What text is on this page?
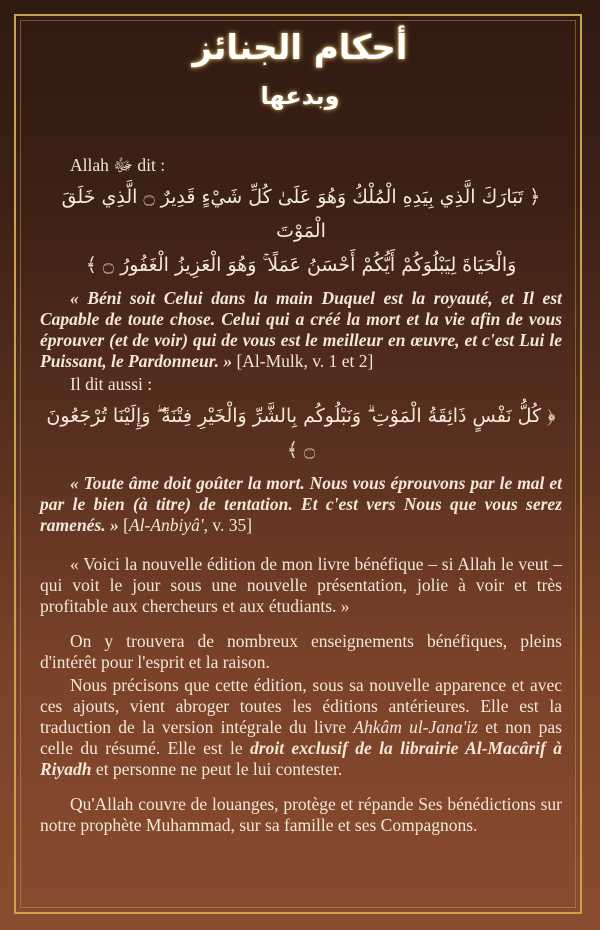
أحكام الجنائز
وبدعها

Allah ﷻ dit :

﴿ تَبَارَكَ الَّذِي بِيَدِهِ الْمُلْكُ وَهُوَ عَلَىٰ كُلِّ شَيْءٍ قَدِيرٌ ۝ الَّذِي خَلَقَ الْمَوْتَ
وَالْحَيَاةَ لِيَبْلُوَكُمْ أَيُّكُمْ أَحْسَنُ عَمَلًا ۚ وَهُوَ الْعَزِيزُ الْغَفُورُ ۝ ﴾

« Béni soit Celui dans la main Duquel est la royauté, et Il est Capable de toute chose. Celui qui a créé la mort et la vie afin de vous éprouver (et de voir) qui de vous est le meilleur en œuvre, et c'est Lui le Puissant, le Pardonneur. » [Al-Mulk, v. 1 et 2]

Il dit aussi :

﴿ كُلُّ نَفْسٍ ذَائِقَةُ الْمَوْتِ ۗ وَنَبْلُوكُم بِالشَّرِّ وَالْخَيْرِ فِتْنَةً ۖ وَإِلَيْنَا تُرْجَعُونَ ۝ ﴾

« Toute âme doit goûter la mort. Nous vous éprouvons par le mal et par le bien (à titre) de tentation. Et c'est vers Nous que vous serez ramenés. » [Al-Anbiyâ', v. 35]

« Voici la nouvelle édition de mon livre bénéfique – si Allah le veut – qui voit le jour sous une nouvelle présentation, jolie à voir et très profitable aux chercheurs et aux étudiants. »

On y trouvera de nombreux enseignements bénéfiques, pleins d'intérêt pour l'esprit et la raison.

Nous précisons que cette édition, sous sa nouvelle apparence et avec ces ajouts, vient abroger toutes les éditions antérieures. Elle est la traduction de la version intégrale du livre Ahkâm ul-Jana'iz et non pas celle du résumé. Elle est le droit exclusif de la librairie Al-Macârif à Riyadh et personne ne peut le lui contester.

Qu'Allah couvre de louanges, protège et répande Ses bénédictions sur notre prophète Muhammad, sur sa famille et ses Compagnons.
